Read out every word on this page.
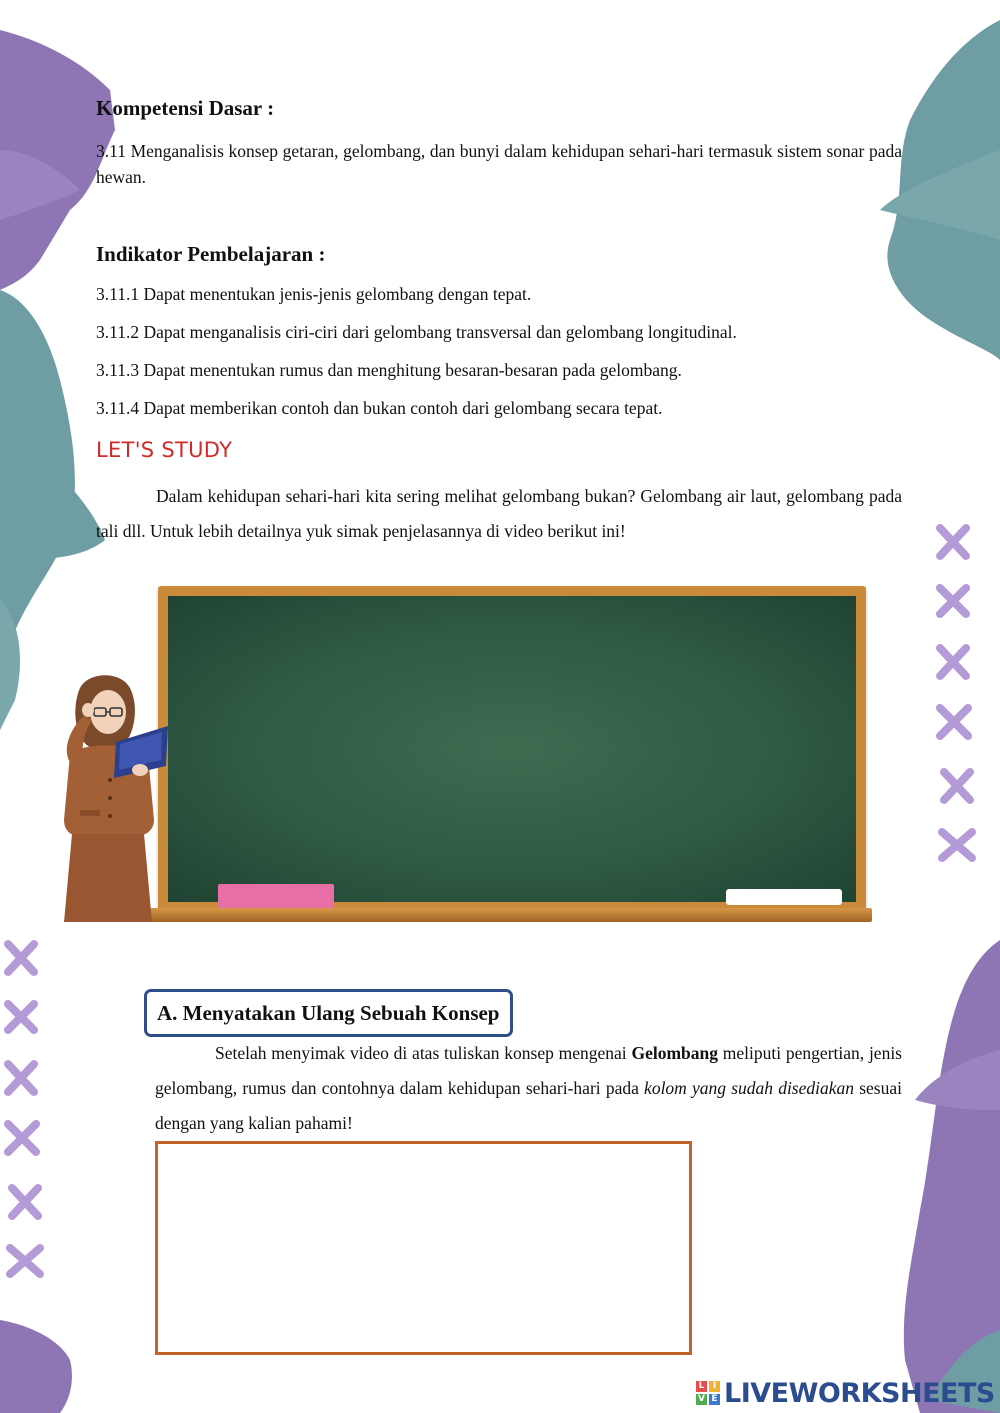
Kompetensi Dasar :

3.11 Menganalisis konsep getaran, gelombang, dan bunyi dalam kehidupan sehari-hari termasuk sistem sonar pada hewan.

Indikator Pembelajaran :

3.11.1 Dapat menentukan jenis-jenis gelombang dengan tepat.

3.11.2 Dapat menganalisis ciri-ciri dari gelombang transversal dan gelombang longitudinal.

3.11.3 Dapat menentukan rumus dan menghitung besaran-besaran pada gelombang.

3.11.4 Dapat memberikan contoh dan bukan contoh dari gelombang secara tepat.

LET'S STUDY

Dalam kehidupan sehari-hari kita sering melihat gelombang bukan? Gelombang air laut, gelombang pada tali dll. Untuk lebih detailnya yuk simak penjelasannya di video berikut ini!

A. Menyatakan Ulang Sebuah Konsep

Setelah menyimak video di atas tuliskan konsep mengenai Gelombang meliputi pengertian, jenis gelombang, rumus dan contohnya dalam kehidupan sehari-hari pada kolom yang sudah disediakan sesuai dengan yang kalian pahami!

L I
V E LIVEWORKSHEETS
